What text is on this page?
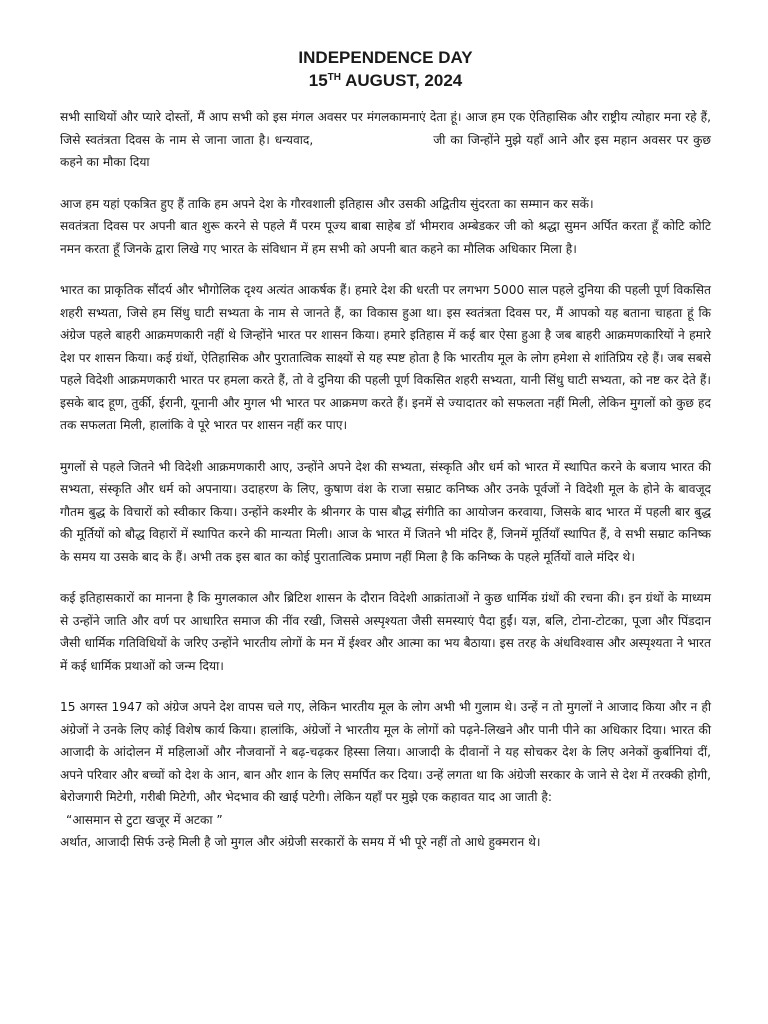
INDEPENDENCE DAY

15TH AUGUST, 2024

सभी साथियों और प्यारे दोस्तों, मैं आप सभी को इस मंगल अवसर पर मंगलकामनाएं देता हूं। आज हम एक ऐतिहासिक और राष्ट्रीय त्योहार मना रहे हैं, जिसे स्वतंत्रता दिवस के नाम से जाना जाता है। धन्यवाद,	जी का जिन्होंने मुझे यहाँ आने और इस महान अवसर पर कुछ कहने का मौका दिया

आज हम यहां एकत्रित हुए हैं ताकि हम अपने देश के गौरवशाली इतिहास और उसकी अद्वितीय सुंदरता का सम्मान कर सकें।
सवतंत्रता दिवस पर अपनी बात शुरू करने से पहले मैं परम पूज्य बाबा साहेब डॉ भीमराव अम्बेडकर जी को श्रद्धा सुमन अर्पित करता हूँ कोटि कोटि नमन करता हूँ जिनके द्वारा लिखे गए भारत के संविधान में हम सभी को अपनी बात कहने का मौलिक अधिकार मिला है।

भारत का प्राकृतिक सौंदर्य और भौगोलिक दृश्य अत्यंत आकर्षक हैं। हमारे देश की धरती पर लगभग 5000 साल पहले दुनिया की पहली पूर्ण विकसित शहरी सभ्यता, जिसे हम सिंधु घाटी सभ्यता के नाम से जानते हैं, का विकास हुआ था। इस स्वतंत्रता दिवस पर, मैं आपको यह बताना चाहता हूं कि अंग्रेज पहले बाहरी आक्रमणकारी नहीं थे जिन्होंने भारत पर शासन किया। हमारे इतिहास में कई बार ऐसा हुआ है जब बाहरी आक्रमणकारियों ने हमारे देश पर शासन किया। कई ग्रंथों, ऐतिहासिक और पुरातात्विक साक्ष्यों से यह स्पष्ट होता है कि भारतीय मूल के लोग हमेशा से शांतिप्रिय रहे हैं। जब सबसे पहले विदेशी आक्रमणकारी भारत पर हमला करते हैं, तो वे दुनिया की पहली पूर्ण विकसित शहरी सभ्यता, यानी सिंधु घाटी सभ्यता, को नष्ट कर देते हैं। इसके बाद हूण, तुर्की, ईरानी, यूनानी और मुगल भी भारत पर आक्रमण करते हैं। इनमें से ज्यादातर को सफलता नहीं मिली, लेकिन मुगलों को कुछ हद तक सफलता मिली, हालांकि वे पूरे भारत पर शासन नहीं कर पाए।

मुगलों से पहले जितने भी विदेशी आक्रमणकारी आए, उन्होंने अपने देश की सभ्यता, संस्कृति और धर्म को भारत में स्थापित करने के बजाय भारत की सभ्यता, संस्कृति और धर्म को अपनाया। उदाहरण के लिए, कुषाण वंश के राजा सम्राट कनिष्क और उनके पूर्वजों ने विदेशी मूल के होने के बावजूद गौतम बुद्ध के विचारों को स्वीकार किया। उन्होंने कश्मीर के श्रीनगर के पास बौद्ध संगीति का आयोजन करवाया, जिसके बाद भारत में पहली बार बुद्ध की मूर्तियों को बौद्ध विहारों में स्थापित करने की मान्यता मिली। आज के भारत में जितने भी मंदिर हैं, जिनमें मूर्तियाँ स्थापित हैं, वे सभी सम्राट कनिष्क के समय या उसके बाद के हैं। अभी तक इस बात का कोई पुरातात्विक प्रमाण नहीं मिला है कि कनिष्क के पहले मूर्तियों वाले मंदिर थे।

कई इतिहासकारों का मानना है कि मुगलकाल और ब्रिटिश शासन के दौरान विदेशी आक्रांताओं ने कुछ धार्मिक ग्रंथों की रचना की। इन ग्रंथों के माध्यम से उन्होंने जाति और वर्ण पर आधारित समाज की नींव रखी, जिससे अस्पृश्यता जैसी समस्याएं पैदा हुईं। यज्ञ, बलि, टोना-टोटका, पूजा और पिंडदान जैसी धार्मिक गतिविधियों के जरिए उन्होंने भारतीय लोगों के मन में ईश्वर और आत्मा का भय बैठाया। इस तरह के अंधविश्वास और अस्पृश्यता ने भारत में कई धार्मिक प्रथाओं को जन्म दिया।

15 अगस्त 1947 को अंग्रेज अपने देश वापस चले गए, लेकिन भारतीय मूल के लोग अभी भी गुलाम थे। उन्हें न तो मुगलों ने आजाद किया और न ही अंग्रेजों ने उनके लिए कोई विशेष कार्य किया। हालांकि, अंग्रेजों ने भारतीय मूल के लोगों को पढ़ने-लिखने और पानी पीने का अधिकार दिया। भारत की आजादी के आंदोलन में महिलाओं और नौजवानों ने बढ़-चढ़कर हिस्सा लिया। आजादी के दीवानों ने यह सोचकर देश के लिए अनेकों कुर्बानियां दीं, अपने परिवार और बच्चों को देश के आन, बान और शान के लिए समर्पित कर दिया। उन्हें लगता था कि अंग्रेजी सरकार के जाने से देश में तरक्की होगी, बेरोजगारी मिटेगी, गरीबी मिटेगी, और भेदभाव की खाई पटेगी। लेकिन यहाँ पर मुझे एक कहावत याद आ जाती है:
“आसमान से टुटा खजूर में अटका ”
अर्थात, आजादी सिर्फ उन्हे मिली है जो मुगल और अंग्रेजी सरकारों के समय में भी पूरे नहीं तो आधे हुक्मरान थे।
